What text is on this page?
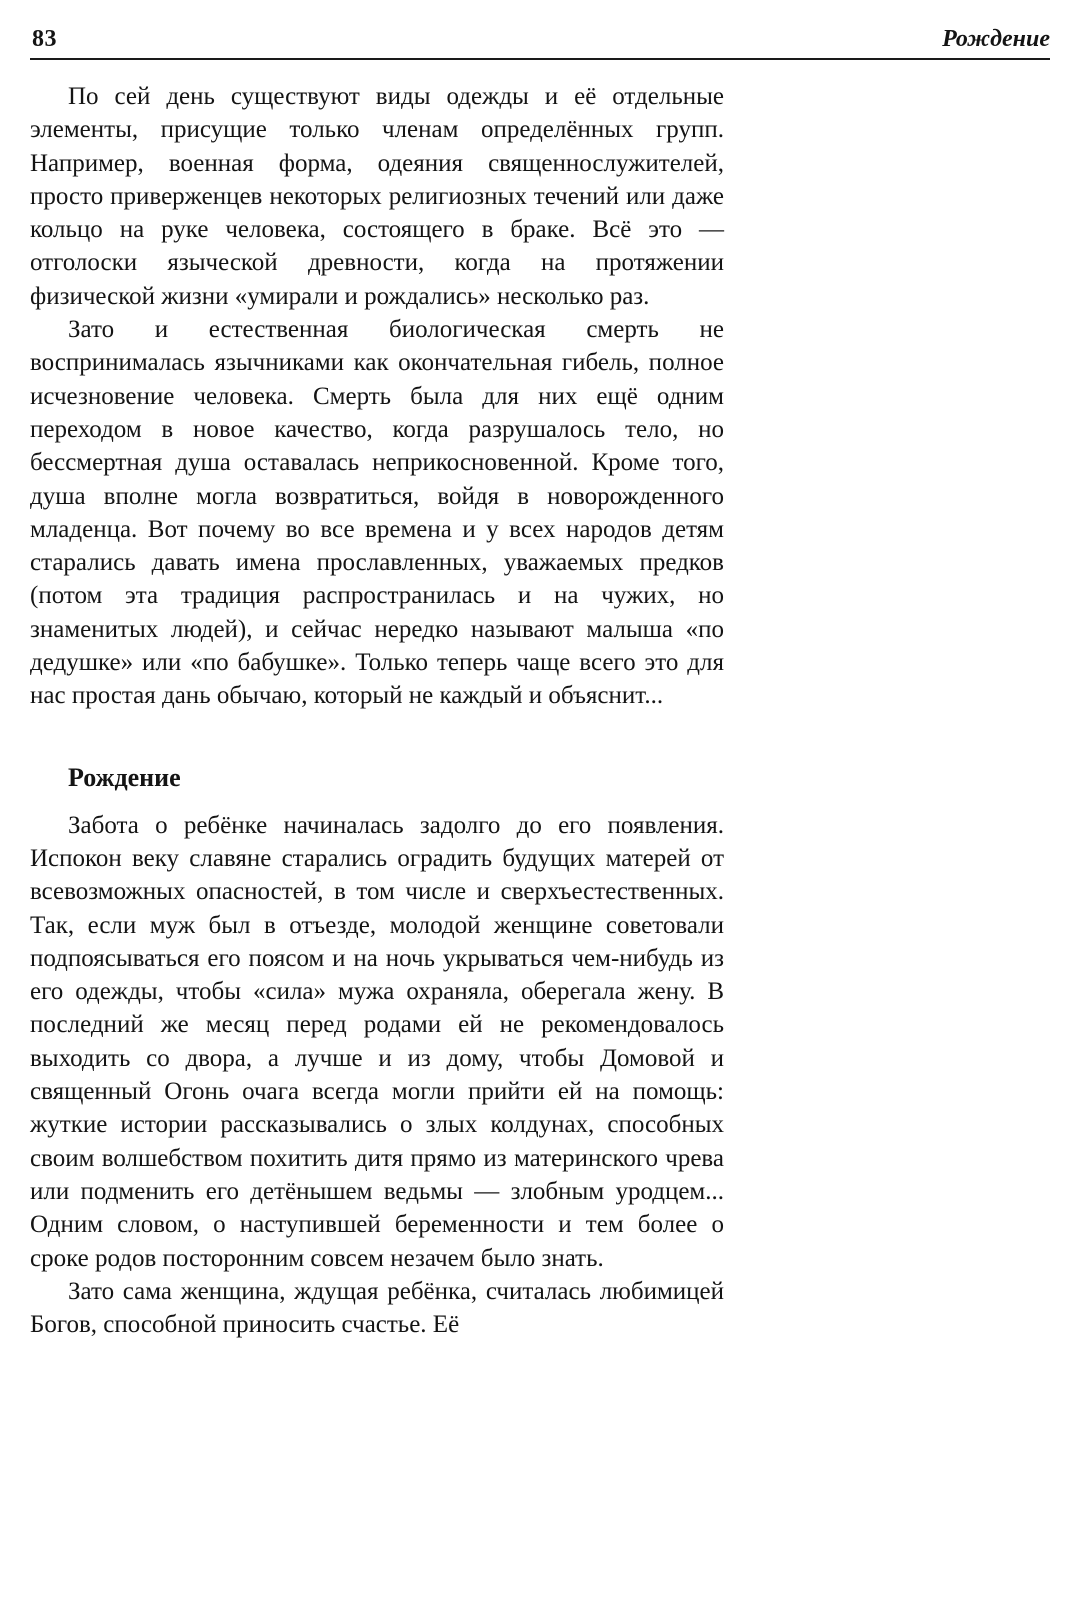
83	Рождение

По сей день существуют виды одежды и её отдельные элементы, присущие только членам определённых групп. Например, военная форма, одеяния священнослужителей, просто приверженцев некоторых религиозных течений или даже кольцо на руке человека, состоящего в браке. Всё это — отголоски языческой древности, когда на протяжении физической жизни «умирали и рождались» несколько раз.

Зато и естественная биологическая смерть не воспринималась язычниками как окончательная гибель, полное исчезновение человека. Смерть была для них ещё одним переходом в новое качество, когда разрушалось тело, но бессмертная душа оставалась неприкосновенной. Кроме того, душа вполне могла возвратиться, войдя в новорожденного младенца. Вот почему во все времена и у всех народов детям старались давать имена прославленных, уважаемых предков (потом эта традиция распространилась и на чужих, но знаменитых людей), и сейчас нередко называют малыша «по дедушке» или «по бабушке». Только теперь чаще всего это для нас простая дань обычаю, который не каждый и объяснит...

Рождение

Забота о ребёнке начиналась задолго до его появления. Испокон веку славяне старались оградить будущих матерей от всевозможных опасностей, в том числе и сверхъестественных. Так, если муж был в отъезде, молодой женщине советовали подпоясываться его поясом и на ночь укрываться чем-нибудь из его одежды, чтобы «сила» мужа охраняла, оберегала жену. В последний же месяц перед родами ей не рекомендовалось выходить со двора, а лучше и из дому, чтобы Домовой и священный Огонь очага всегда могли прийти ей на помощь: жуткие истории рассказывались о злых колдунах, способных своим волшебством похитить дитя прямо из материнского чрева или подменить его детёнышем ведьмы — злобным уродцем... Одним словом, о наступившей беременности и тем более о сроке родов посторонним совсем незачем было знать.

Зато сама женщина, ждущая ребёнка, считалась любимицей Богов, способной приносить счастье. Её
